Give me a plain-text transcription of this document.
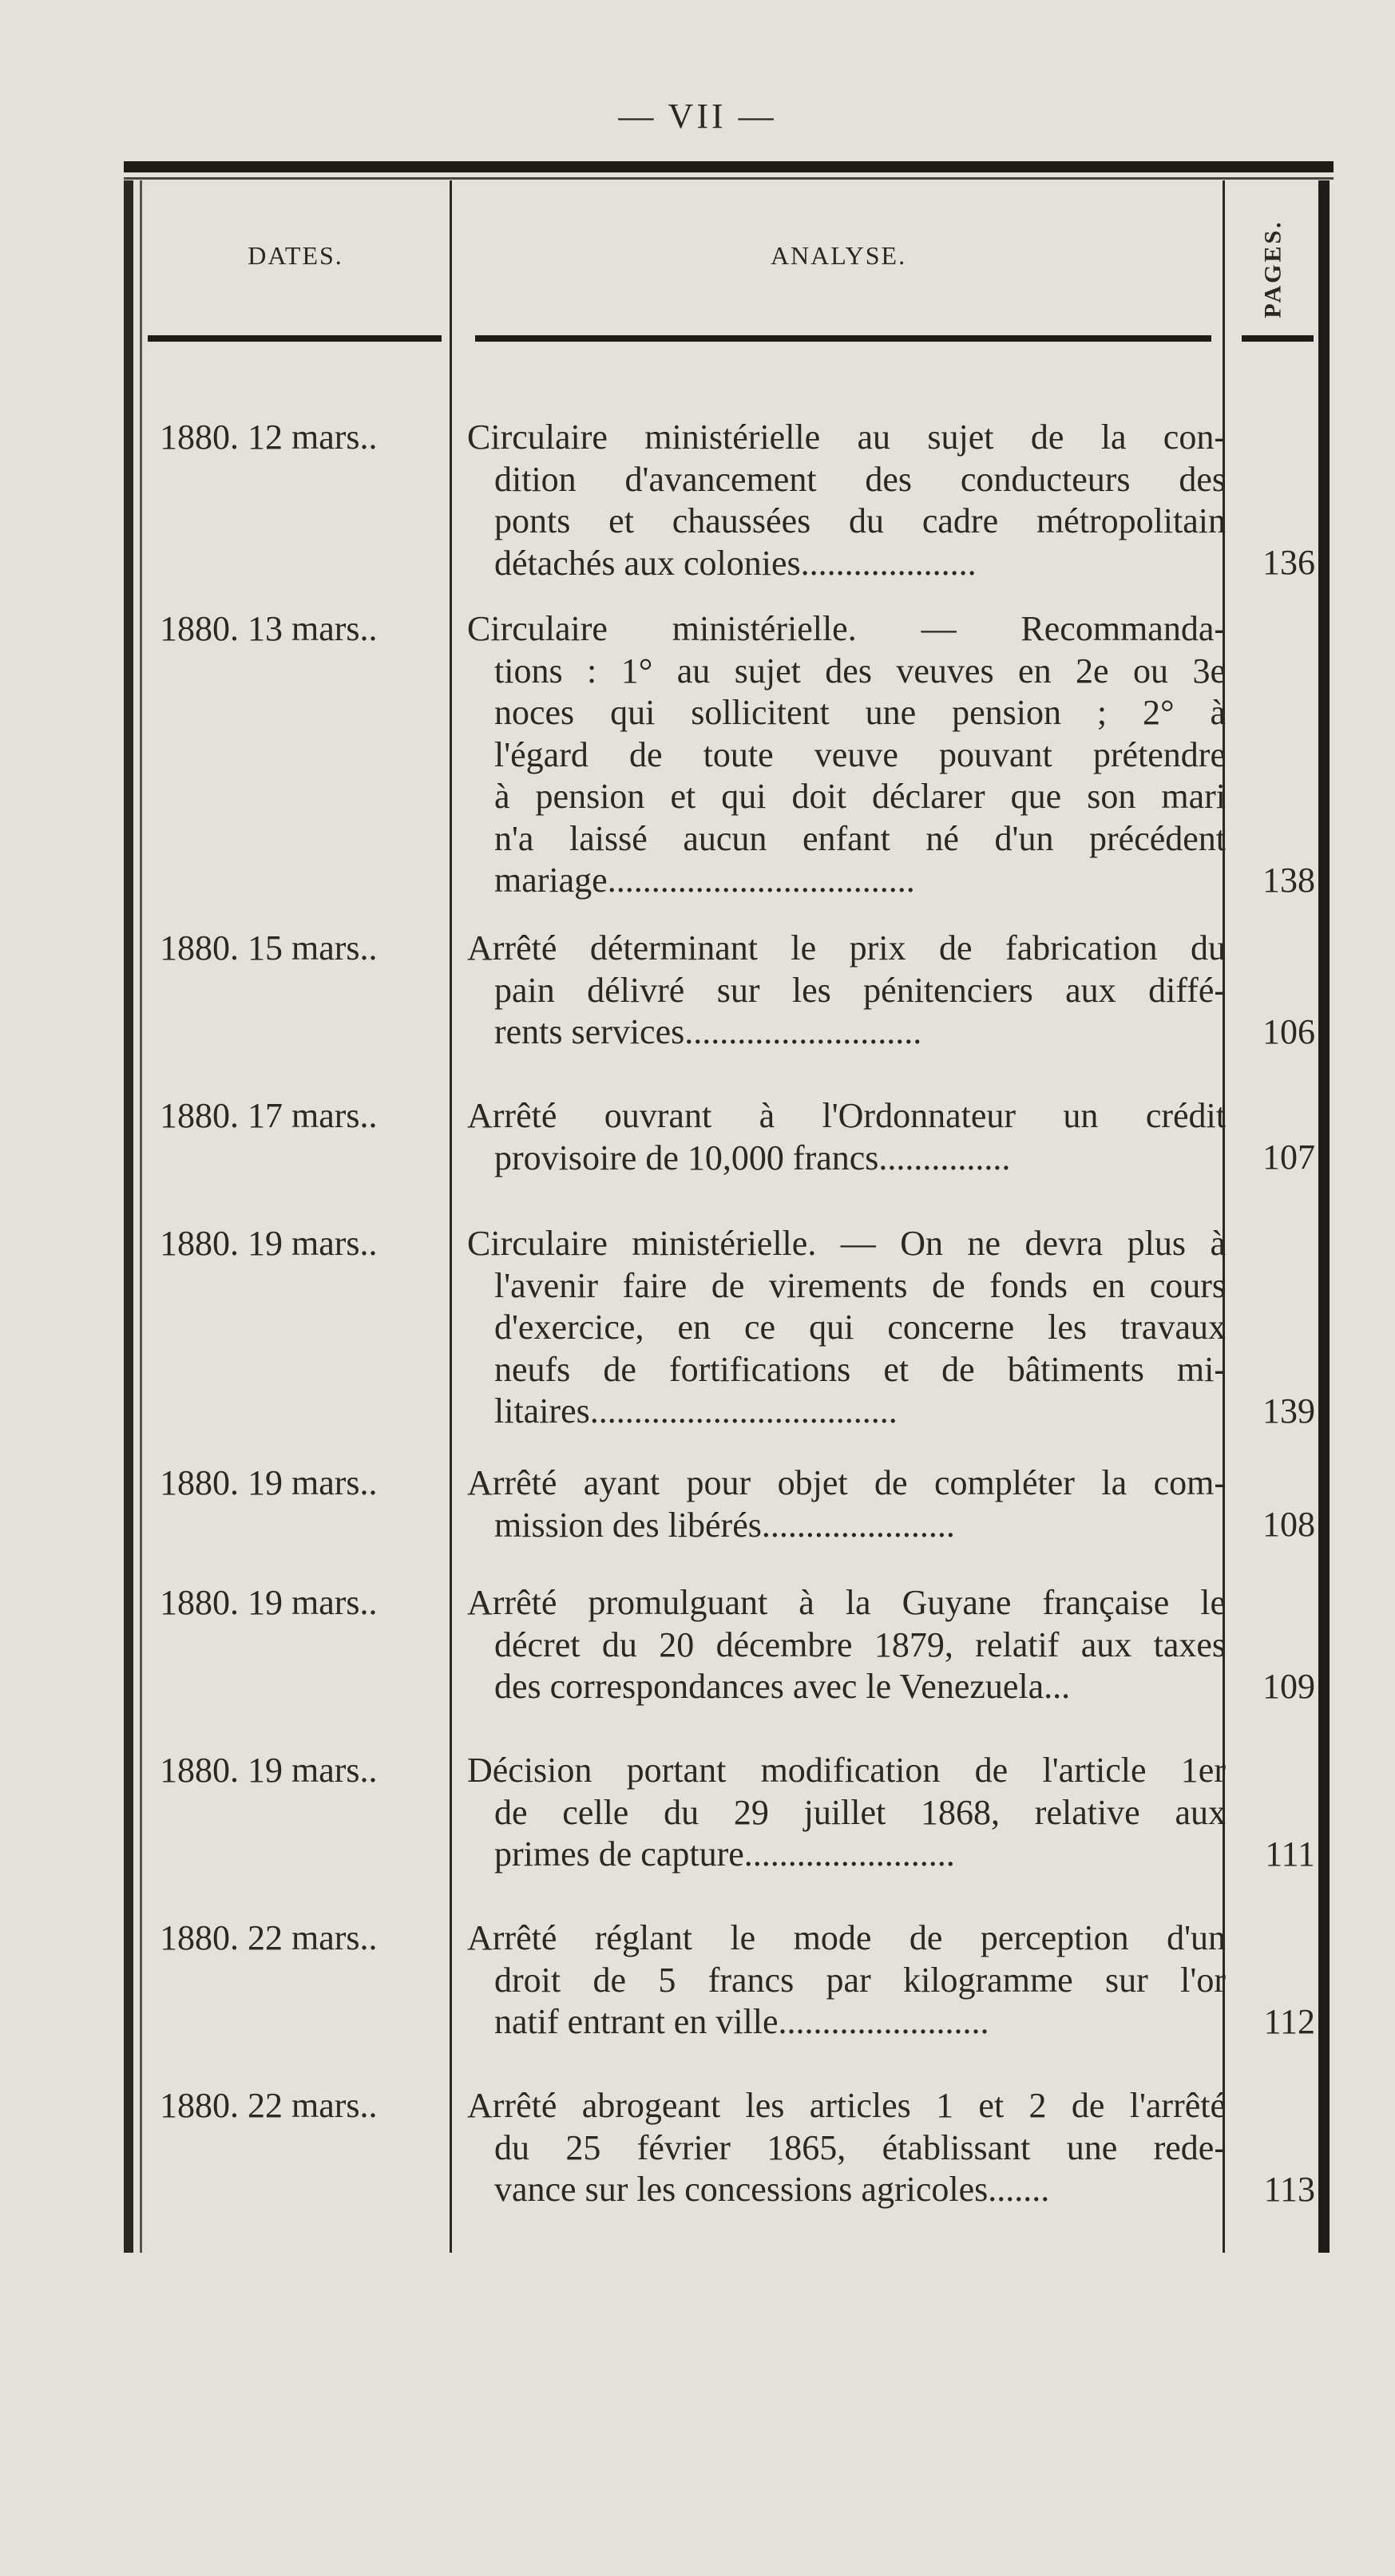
— VII —
DATES.	ANALYSE.	PAGES.
1880. 12 mars..	Circulaire ministérielle au sujet de la con-
dition d'avancement des conducteurs des
ponts et chaussées du cadre métropolitain
détachés aux colonies....................	136
1880. 13 mars..	Circulaire ministérielle. — Recommanda-
tions : 1° au sujet des veuves en 2e ou 3e
noces qui sollicitent une pension ; 2° à
l'égard de toute veuve pouvant prétendre
à pension et qui doit déclarer que son mari
n'a laissé aucun enfant né d'un précédent
mariage...................................	138
1880. 15 mars..	Arrêté déterminant le prix de fabrication du
pain délivré sur les pénitenciers aux diffé-
rents services...........................	106
1880. 17 mars..	Arrêté ouvrant à l'Ordonnateur un crédit
provisoire de 10,000 francs...............	107
1880. 19 mars..	Circulaire ministérielle. — On ne devra plus à
l'avenir faire de virements de fonds en cours
d'exercice, en ce qui concerne les travaux
neufs de fortifications et de bâtiments mi-
litaires...................................	139
1880. 19 mars..	Arrêté ayant pour objet de compléter la com-
mission des libérés......................	108
1880. 19 mars..	Arrêté promulguant à la Guyane française le
décret du 20 décembre 1879, relatif aux taxes
des correspondances avec le Venezuela...	109
1880. 19 mars..	Décision portant modification de l'article 1er
de celle du 29 juillet 1868, relative aux
primes de capture........................	111
1880. 22 mars..	Arrêté réglant le mode de perception d'un
droit de 5 francs par kilogramme sur l'or
natif entrant en ville........................	112
1880. 22 mars..	Arrêté abrogeant les articles 1 et 2 de l'arrêté
du 25 février 1865, établissant une rede-
vance sur les concessions agricoles.......	113
